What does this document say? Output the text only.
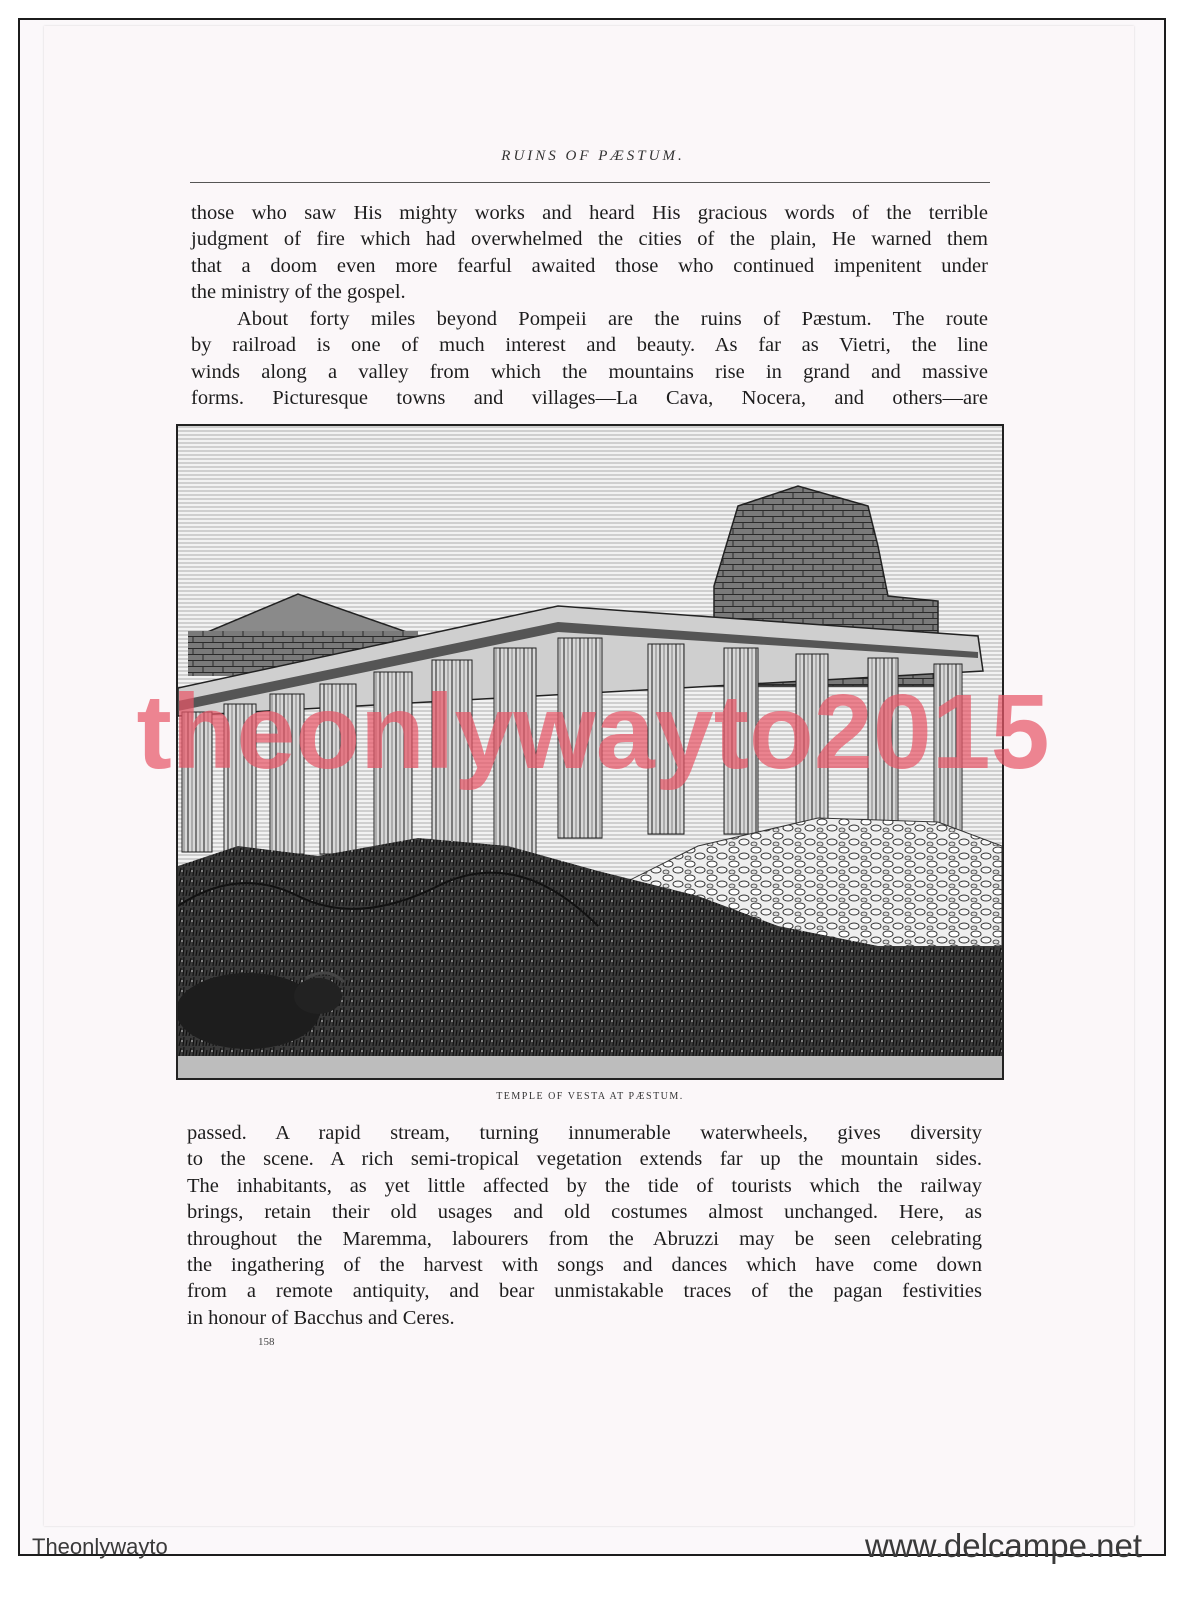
RUINS OF PÆSTUM.
those who saw His mighty works and heard His gracious words of the terrible
judgment of fire which had overwhelmed the cities of the plain, He warned them
that a doom even more fearful awaited those who continued impenitent under
the ministry of the gospel.
About forty miles beyond Pompeii are the ruins of Pæstum. The route
by railroad is one of much interest and beauty. As far as Vietri, the line
winds along a valley from which the mountains rise in grand and massive
forms. Picturesque towns and villages—La Cava, Nocera, and others—are
TEMPLE OF VESTA AT PÆSTUM.
passed. A rapid stream, turning innumerable waterwheels, gives diversity
to the scene. A rich semi-tropical vegetation extends far up the mountain sides.
The inhabitants, as yet little affected by the tide of tourists which the railway
brings, retain their old usages and old costumes almost unchanged. Here, as
throughout the Maremma, labourers from the Abruzzi may be seen celebrating
the ingathering of the harvest with songs and dances which have come down
from a remote antiquity, and bear unmistakable traces of the pagan festivities
in honour of Bacchus and Ceres.
158
theonlywayto2015
Theonlywayto	www.delcampe.net
